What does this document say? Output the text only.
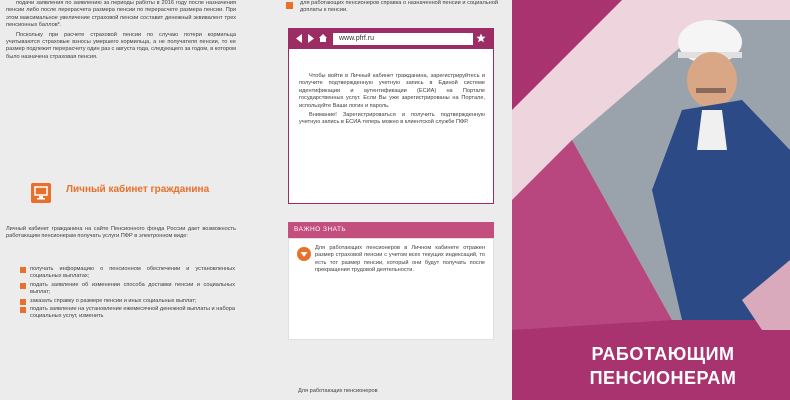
подачи заявления по заявлению за периоды работы в 2016 году после назначения пенсии либо после перерасчета размера пенсии по перерасчете размера пенсии. При этом максимальное увеличение страховой пенсии составит денежный эквивалент трех пенсионных баллов*.

Поскольку при расчете страховой пенсии по случаю потери кормильца учитываются страховые взносы умершего кормильца, а не получателя пенсии, то ее размер подлежит перерасчету один раз с августа года, следующего за годом, в котором было назначена страховая пенсия.

Личный кабинет гражданина

Личный кабинет гражданина на сайте Пенсионного фонда России дает возможность работающим пенсионерам получать услуги ПФР в электронном виде:

получать информацию о пенсионном обеспечении и установленных социальных выплатах;
подать заявление об изменении способа доставки пенсии и социальных выплат;
заказать справку о размере пенсии и иных социальных выплат;
подать заявление на установление ежемесячной денежной выплаты и набора социальных услуг, изменить

для работающих пенсионеров справка о назначенной пенсии и социальной доплаты к пенсии.

www.pfrf.ru

Чтобы войти в Личный кабинет гражданина, зарегистрируйтесь и получите подтвержденную учетную запись в Единой системе идентификации и аутентификации (ЕСИА) на Портале государственных услуг. Если Вы уже зарегистрированы на Портале, используйте Ваши логин и пароль.

Внимание! Зарегистрироваться и получить подтвержденную учетную запись в ЕСИА теперь можно в клиентской службе ПФР.

ВАЖНО ЗНАТЬ

Для работающих пенсионеров в Личном кабинете отражен размер страховой пенсии с учетом всех текущих индексаций, то есть тот размер пенсии, который они будут получать после прекращения трудовой деятельности.

Для работающих пенсионеров

РАБОТАЮЩИМ
ПЕНСИОНЕРАМ
